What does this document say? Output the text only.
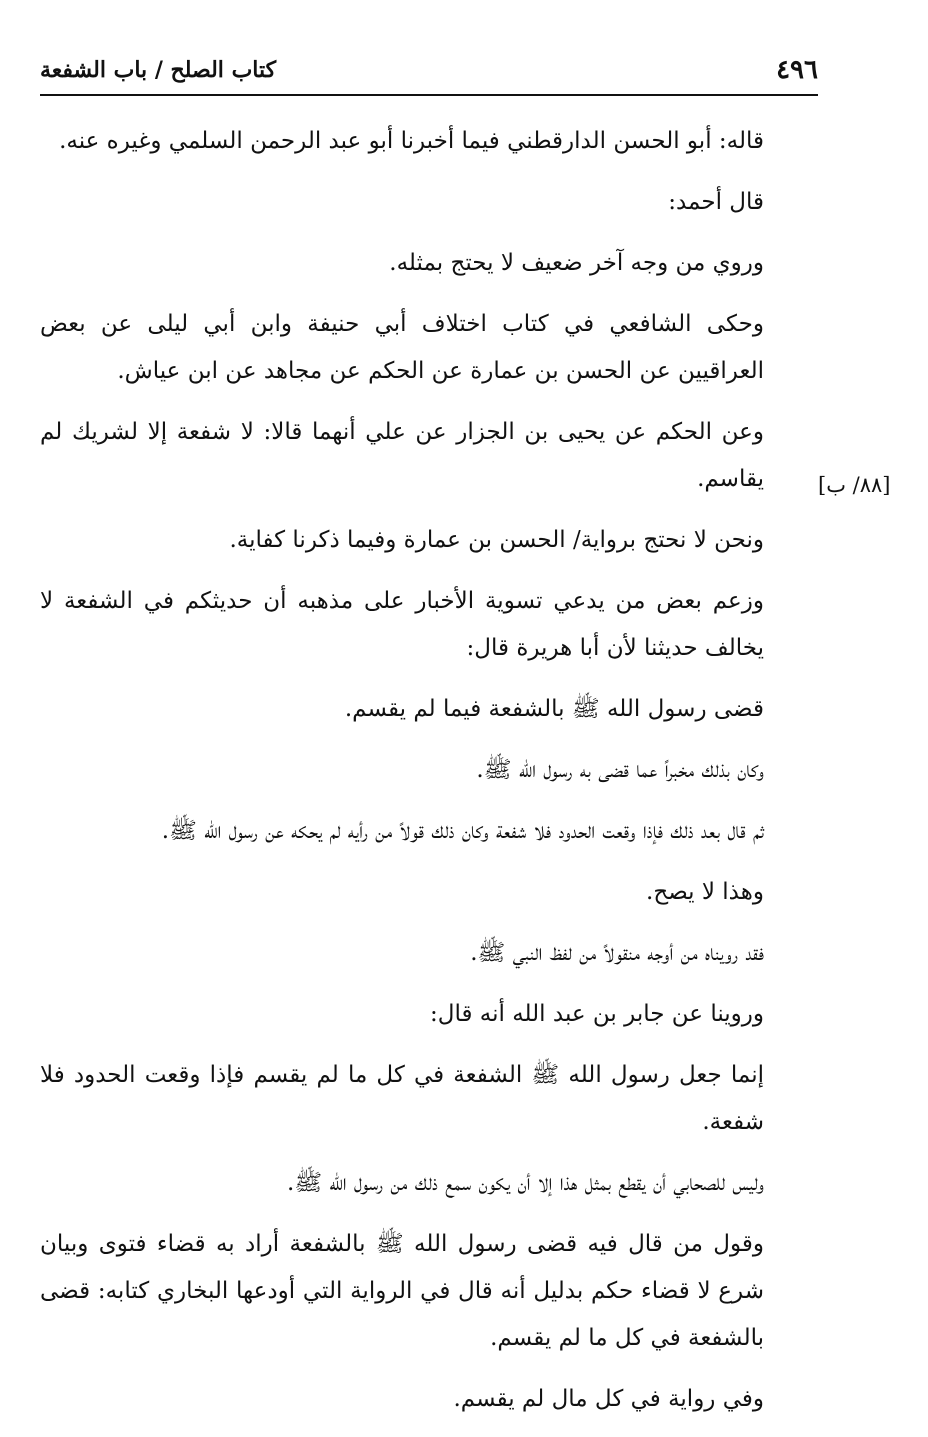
٤٩٦
كتاب الصلح / باب الشفعة
[٨٨/ ب]

قاله: أبو الحسن الدارقطني فيما أخبرنا أبو عبد الرحمن السلمي وغيره عنه.

قال أحمد:

وروي من وجه آخر ضعيف لا يحتج بمثله.

وحكى الشافعي في كتاب اختلاف أبي حنيفة وابن أبي ليلى عن بعض العراقيين عن الحسن بن عمارة عن الحكم عن مجاهد عن ابن عياش.

وعن الحكم عن يحيى بن الجزار عن علي أنهما قالا: لا شفعة إلا لشريك لم يقاسم.

ونحن لا نحتج برواية/ الحسن بن عمارة وفيما ذكرنا كفاية.

وزعم بعض من يدعي تسوية الأخبار على مذهبه أن حديثكم في الشفعة لا يخالف حديثنا لأن أبا هريرة قال:

قضى رسول الله ﷺ بالشفعة فيما لم يقسم.

وكان بذلك مخبراً عما قضى به رسول الله ﷺ.

ثم قال بعد ذلك فإذا وقعت الحدود فلا شفعة وكان ذلك قولاً من رأيه لم يحكه عن رسول الله ﷺ.

وهذا لا يصح.

فقد رويناه من أوجه منقولاً من لفظ النبي ﷺ.

وروينا عن جابر بن عبد الله أنه قال:

إنما جعل رسول الله ﷺ الشفعة في كل ما لم يقسم فإذا وقعت الحدود فلا شفعة.

وليس للصحابي أن يقطع بمثل هذا إلا أن يكون سمع ذلك من رسول الله ﷺ.

وقول من قال فيه قضى رسول الله ﷺ بالشفعة أراد به قضاء فتوى وبيان شرع لا قضاء حكم بدليل أنه قال في الرواية التي أودعها البخاري كتابه: قضى بالشفعة في كل ما لم يقسم.

وفي رواية في كل مال لم يقسم.
